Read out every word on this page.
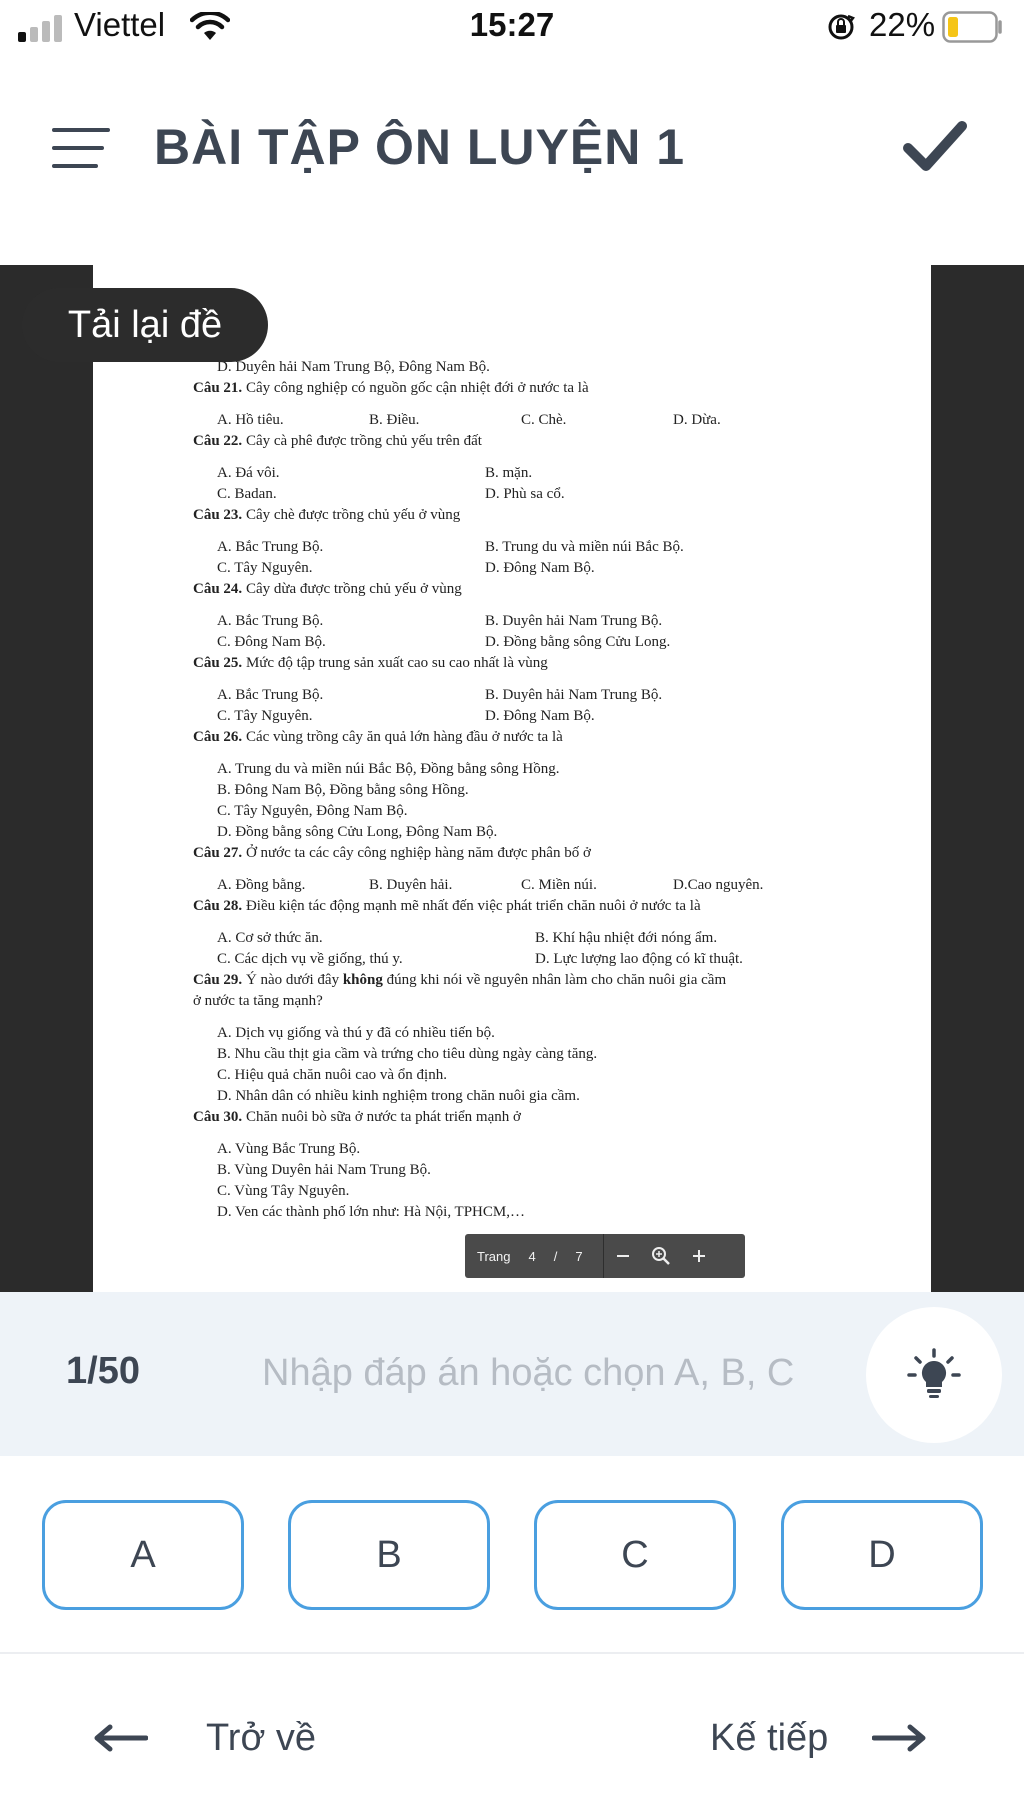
Viettel	15:27	22%
BÀI TẬP ÔN LUYỆN 1
D. Duyên hải Nam Trung Bộ, Đông Nam Bộ.
Câu 21. Cây công nghiệp có nguồn gốc cận nhiệt đới ở nước ta là
A. Hồ tiêu.	B. Điều.	C. Chè.	D. Dừa.
Câu 22. Cây cà phê được trồng chủ yếu trên đất
A. Đá vôi.	B. mặn.
C. Badan.	D. Phù sa cổ.
Câu 23. Cây chè được trồng chủ yếu ở vùng
A. Bắc Trung Bộ.	B. Trung du và miền núi Bắc Bộ.
C. Tây Nguyên.	D. Đông Nam Bộ.
Câu 24. Cây dừa được trồng chủ yếu ở vùng
A. Bắc Trung Bộ.	B. Duyên hải Nam Trung Bộ.
C. Đông Nam Bộ.	D. Đồng bằng sông Cửu Long.
Câu 25. Mức độ tập trung sản xuất cao su cao nhất là vùng
A. Bắc Trung Bộ.	B. Duyên hải Nam Trung Bộ.
C. Tây Nguyên.	D. Đông Nam Bộ.
Câu 26. Các vùng trồng cây ăn quả lớn hàng đầu ở nước ta là
A. Trung du và miền núi Bắc Bộ, Đồng bằng sông Hồng.
B. Đông Nam Bộ, Đồng bằng sông Hồng.
C. Tây Nguyên, Đông Nam Bộ.
D. Đồng bằng sông Cửu Long, Đông Nam Bộ.
Câu 27. Ở nước ta các cây công nghiệp hàng năm được phân bố ở
A. Đồng bằng.	B. Duyên hải.	C. Miền núi.	D.Cao nguyên.
Câu 28. Điều kiện tác động mạnh mẽ nhất đến việc phát triển chăn nuôi ở nước ta là
A. Cơ sở thức ăn.	B. Khí hậu nhiệt đới nóng ẩm.
C. Các dịch vụ về giống, thú y.	D. Lực lượng lao động có kĩ thuật.
Câu 29. Ý nào dưới đây không đúng khi nói về nguyên nhân làm cho chăn nuôi gia cầm
ở nước ta tăng mạnh?
A. Dịch vụ giống và thú y đã có nhiều tiến bộ.
B. Nhu cầu thịt gia cầm và trứng cho tiêu dùng ngày càng tăng.
C. Hiệu quả chăn nuôi cao và ổn định.
D. Nhân dân có nhiều kinh nghiệm trong chăn nuôi gia cầm.
Câu 30. Chăn nuôi bò sữa ở nước ta phát triển mạnh ở
A. Vùng Bắc Trung Bộ.
B. Vùng Duyên hải Nam Trung Bộ.
C. Vùng Tây Nguyên.
D. Ven các thành phố lớn như: Hà Nội, TPHCM,…
Trang 4 / 7
Tải lại đề
1/50
Nhập đáp án hoặc chọn A, B, C
A	B	C	D
Trở về	Kế tiếp
